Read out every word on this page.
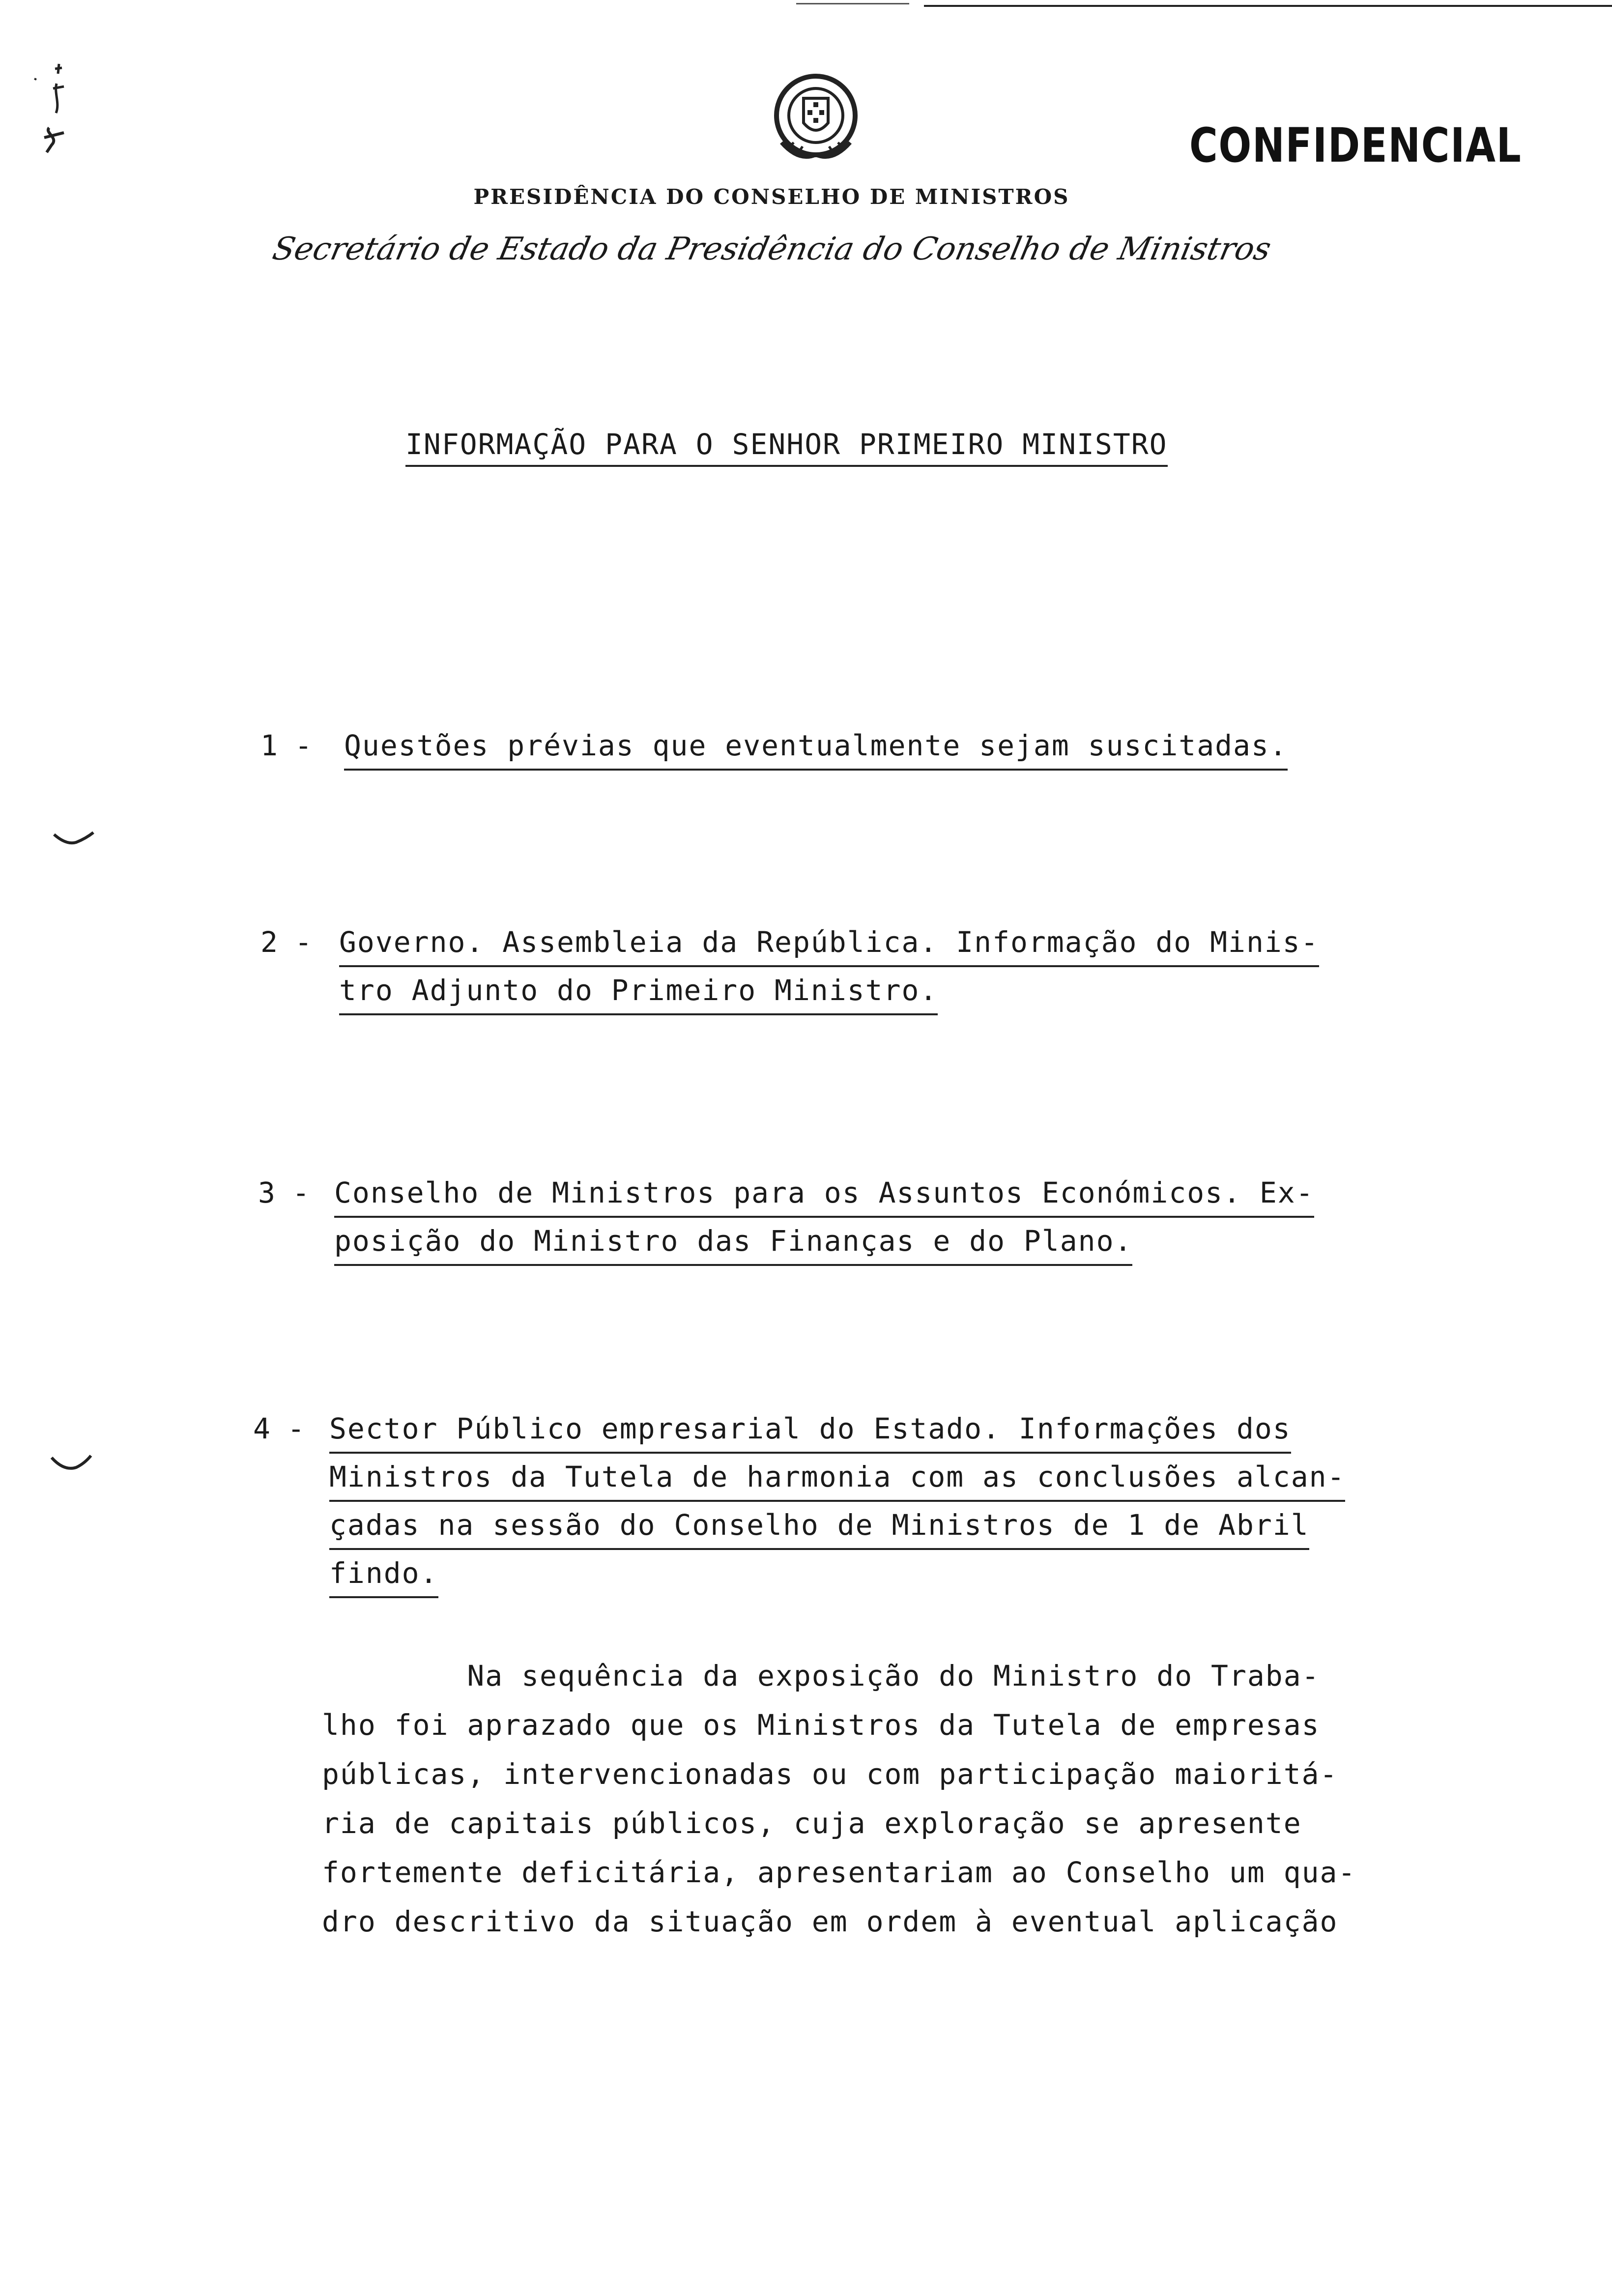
CONFIDENCIAL
PRESIDÊNCIA DO CONSELHO DE MINISTROS
Secretário de Estado da Presidência do Conselho de Ministros
INFORMAÇÃO PARA O SENHOR PRIMEIRO MINISTRO
1 - Questões prévias que eventualmente sejam suscitadas.
2 - Governo. Assembleia da República. Informação do Minis-
tro Adjunto do Primeiro Ministro.
3 - Conselho de Ministros para os Assuntos Económicos. Ex-
posição do Ministro das Finanças e do Plano.
4 - Sector Público empresarial do Estado. Informações dos
Ministros da Tutela de harmonia com as conclusões alcan-
çadas na sessão do Conselho de Ministros de 1 de Abril
findo.
Na sequência da exposição do Ministro do Traba-
lho foi aprazado que os Ministros da Tutela de empresas
públicas, intervencionadas ou com participação maioritá-
ria de capitais públicos, cuja exploração se apresente
fortemente deficitária, apresentariam ao Conselho um qua-
dro descritivo da situação em ordem à eventual aplicação
